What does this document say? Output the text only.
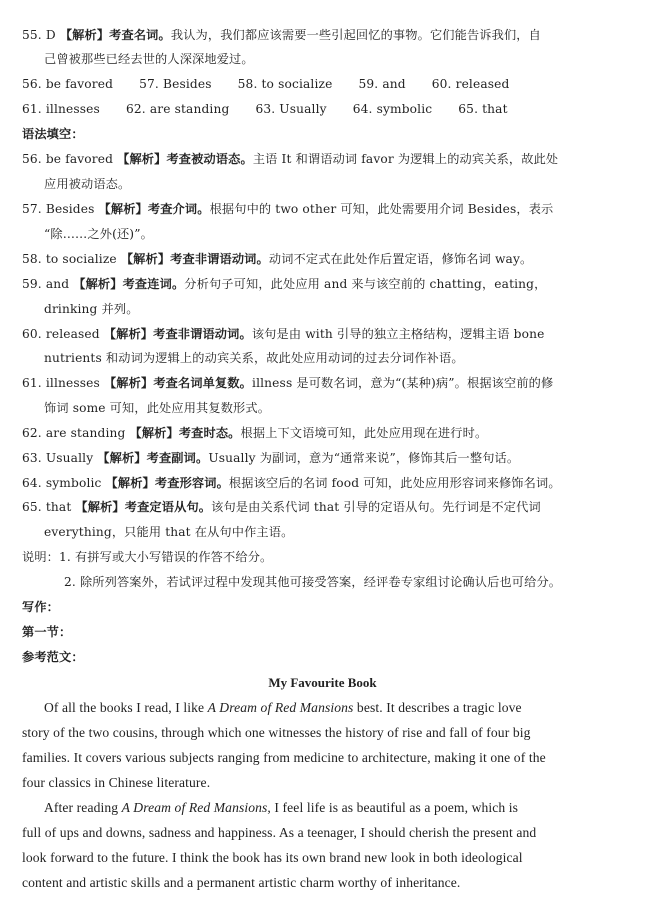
55. D 【解析】考查名词。我认为，我们都应该需要一些引起回忆的事物。它们能告诉我们，自
己曾被那些已经去世的人深深地爱过。
56. be favored 57. Besides 58. to socialize 59. and 60. released
61. illnesses 62. are standing 63. Usually 64. symbolic 65. that
语法填空：
56. be favored 【解析】考查被动语态。主语 It 和谓语动词 favor 为逻辑上的动宾关系，故此处
应用被动语态。
57. Besides 【解析】考查介词。根据句中的 two other 可知，此处需要用介词 Besides，表示
“除……之外(还)”。
58. to socialize 【解析】考查非谓语动词。动词不定式在此处作后置定语，修饰名词 way。
59. and 【解析】考查连词。分析句子可知，此处应用 and 来与该空前的 chatting，eating，
drinking 并列。
60. released 【解析】考查非谓语动词。该句是由 with 引导的独立主格结构，逻辑主语 bone
nutrients 和动词为逻辑上的动宾关系，故此处应用动词的过去分词作补语。
61. illnesses 【解析】考查名词单复数。illness 是可数名词，意为“(某种)病”。根据该空前的修
饰词 some 可知，此处应用其复数形式。
62. are standing 【解析】考查时态。根据上下文语境可知，此处应用现在进行时。
63. Usually 【解析】考查副词。Usually 为副词，意为“通常来说”，修饰其后一整句话。
64. symbolic 【解析】考查形容词。根据该空后的名词 food 可知，此处应用形容词来修饰名词。
65. that 【解析】考查定语从句。该句是由关系代词 that 引导的定语从句。先行词是不定代词
everything，只能用 that 在从句中作主语。
说明：1. 有拼写或大小写错误的作答不给分。
2. 除所列答案外，若试评过程中发现其他可接受答案，经评卷专家组讨论确认后也可给分。
写作：
第一节：
参考范文：
My Favourite Book
Of all the books I read, I like A Dream of Red Mansions best. It describes a tragic love
story of the two cousins, through which one witnesses the history of rise and fall of four big
families. It covers various subjects ranging from medicine to architecture, making it one of the
four classics in Chinese literature.
After reading A Dream of Red Mansions, I feel life is as beautiful as a poem, which is
full of ups and downs, sadness and happiness. As a teenager, I should cherish the present and
look forward to the future. I think the book has its own brand new look in both ideological
content and artistic skills and a permanent artistic charm worthy of inheritance.
